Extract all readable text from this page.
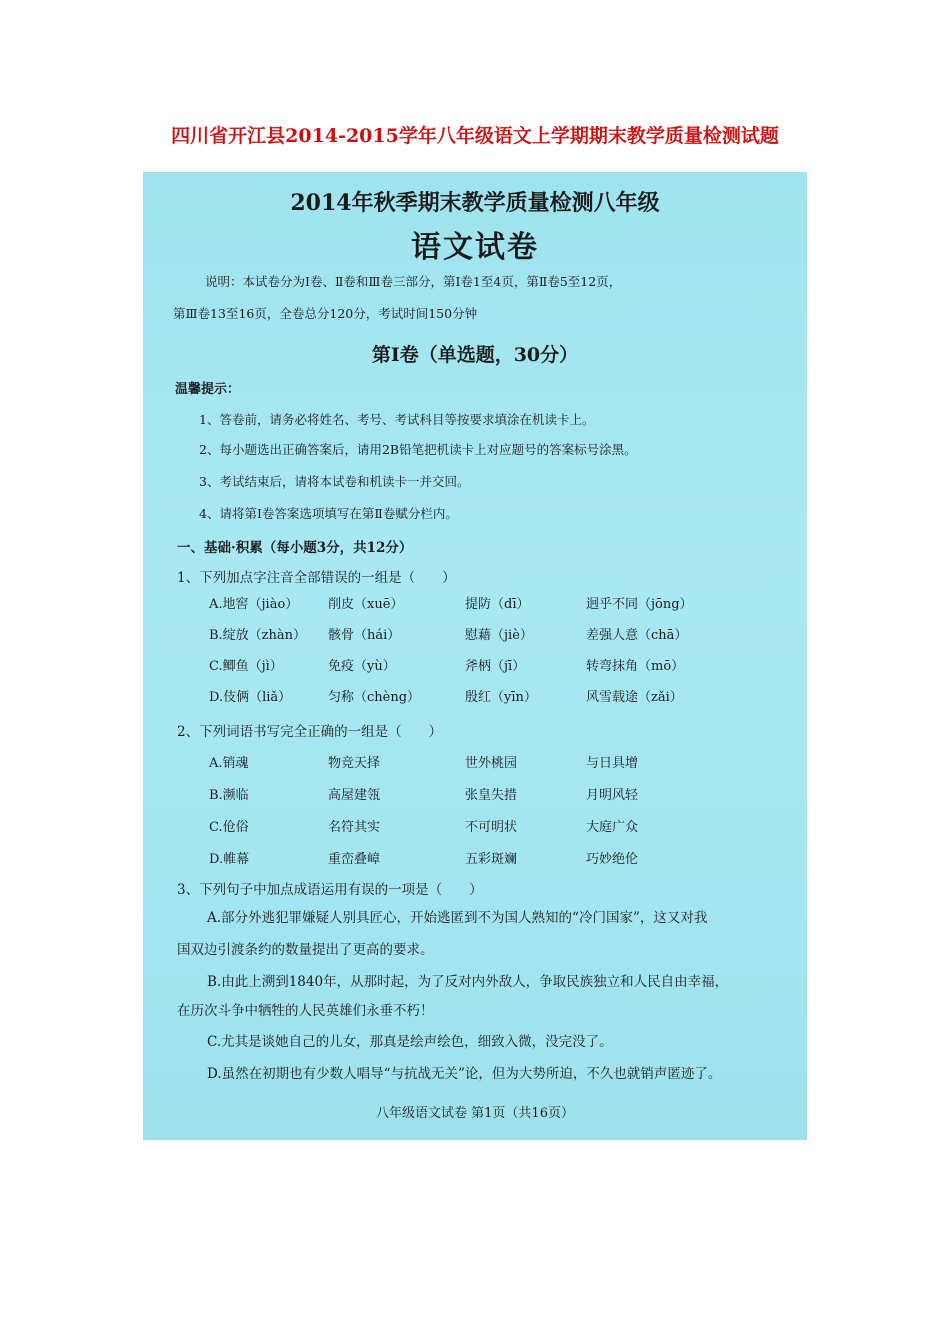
四川省开江县2014-2015学年八年级语文上学期期末教学质量检测试题
2014年秋季期末教学质量检测八年级
语文试卷
说明：本试卷分为Ⅰ卷、Ⅱ卷和Ⅲ卷三部分，第Ⅰ卷1至4页，第Ⅱ卷5至12页，
第Ⅲ卷13至16页，全卷总分120分，考试时间150分钟
第Ⅰ卷（单选题，30分）
温馨提示：
1、答卷前，请务必将姓名、考号、考试科目等按要求填涂在机读卡上。
2、每小题选出正确答案后，请用2B铅笔把机读卡上对应题号的答案标号涂黑。
3、考试结束后，请将本试卷和机读卡一并交回。
4、请将第Ⅰ卷答案选项填写在第Ⅱ卷赋分栏内。
一、基础·积累（每小题3分，共12分）
1、下列加点字注音全部错误的一组是（　　）
A.地窖（jiào） 削皮（xuē）	提防（dī）	迥乎不同（jōng）
B.绽放（zhàn） 骸骨（hái）	慰藉（jiè）	差强人意（chā）
C.鲫鱼（jì）	免疫（yù）	斧柄（jī）	转弯抹角（mō）
D.伎俩（liǎ）	匀称（chèng）	殷红（yīn）	风雪载途（zǎi）
2、下列词语书写完全正确的一组是（　　）
A.销魂	物竞天择	世外桃园	与日具增
B.濒临	高屋建瓴	张皇失措	月明风轻
C.伧俗	名符其实	不可明状	大庭广众
D.帷幕	重峦叠嶂	五彩斑斓	巧妙绝伦
3、下列句子中加点成语运用有误的一项是（　　）
A.部分外逃犯罪嫌疑人别具匠心，开始逃匿到不为国人熟知的“冷门国家”，这又对我
国双边引渡条约的数量提出了更高的要求。
B.由此上溯到1840年，从那时起，为了反对内外敌人，争取民族独立和人民自由幸福，
在历次斗争中牺牲的人民英雄们永垂不朽！
C.尤其是谈她自己的儿女，那真是绘声绘色，细致入微，没完没了。
D.虽然在初期也有少数人唱导“与抗战无关”论，但为大势所迫，不久也就销声匿迹了。
八年级语文试卷 第1页（共16页）
